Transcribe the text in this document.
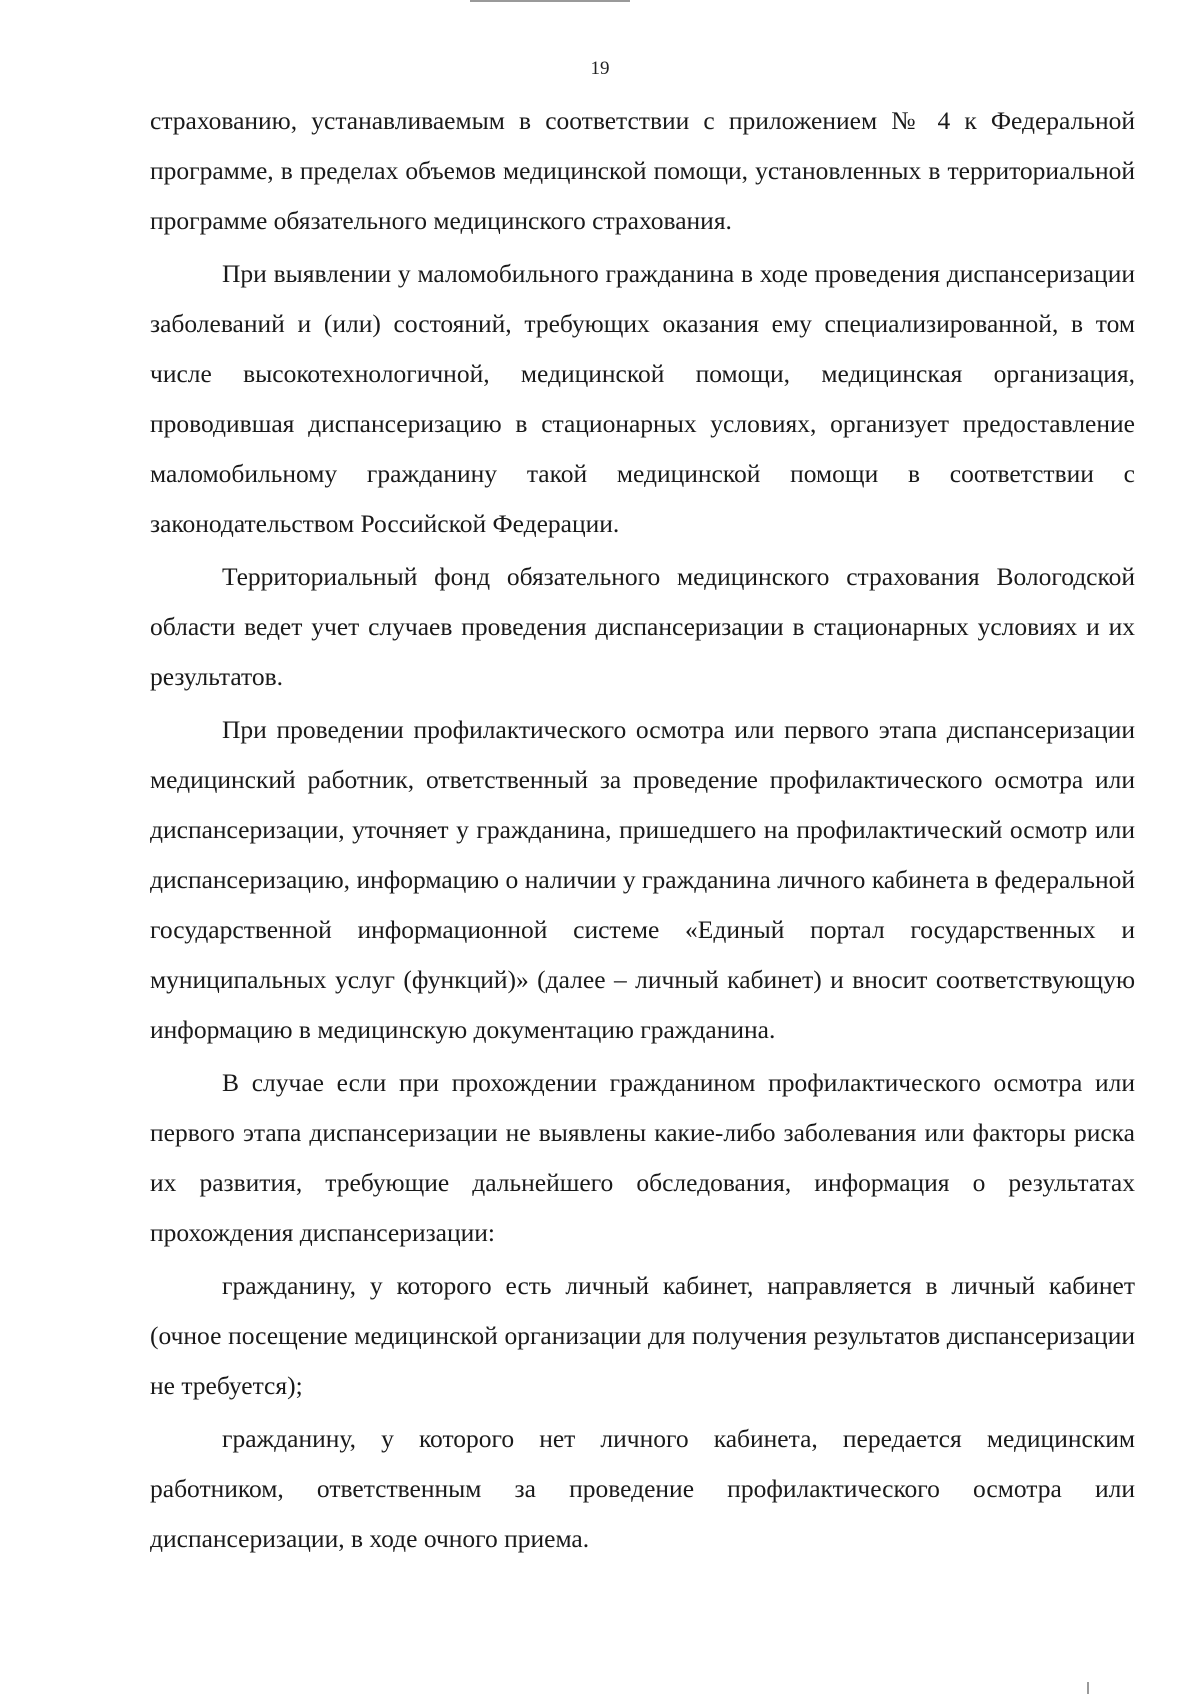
19

страхованию, устанавливаемым в соответствии с приложением № 4 к Федеральной программе, в пределах объемов медицинской помощи, установленных в территориальной программе обязательного медицинского страхования.

При выявлении у маломобильного гражданина в ходе проведения диспансеризации заболеваний и (или) состояний, требующих оказания ему специализированной, в том числе высокотехнологичной, медицинской помощи, медицинская организация, проводившая диспансеризацию в стационарных условиях, организует предоставление маломобильному гражданину такой медицинской помощи в соответствии с законодательством Российской Федерации.

Территориальный фонд обязательного медицинского страхования Вологодской области ведет учет случаев проведения диспансеризации в стационарных условиях и их результатов.

При проведении профилактического осмотра или первого этапа диспансеризации медицинский работник, ответственный за проведение профилактического осмотра или диспансеризации, уточняет у гражданина, пришедшего на профилактический осмотр или диспансеризацию, информацию о наличии у гражданина личного кабинета в федеральной государственной информационной системе «Единый портал государственных и муниципальных услуг (функций)» (далее – личный кабинет) и вносит соответствующую информацию в медицинскую документацию гражданина.

В случае если при прохождении гражданином профилактического осмотра или первого этапа диспансеризации не выявлены какие-либо заболевания или факторы риска их развития, требующие дальнейшего обследования, информация о результатах прохождения диспансеризации:

гражданину, у которого есть личный кабинет, направляется в личный кабинет (очное посещение медицинской организации для получения результатов диспансеризации не требуется);

гражданину, у которого нет личного кабинета, передается медицинским работником, ответственным за проведение профилактического осмотра или диспансеризации, в ходе очного приема.
